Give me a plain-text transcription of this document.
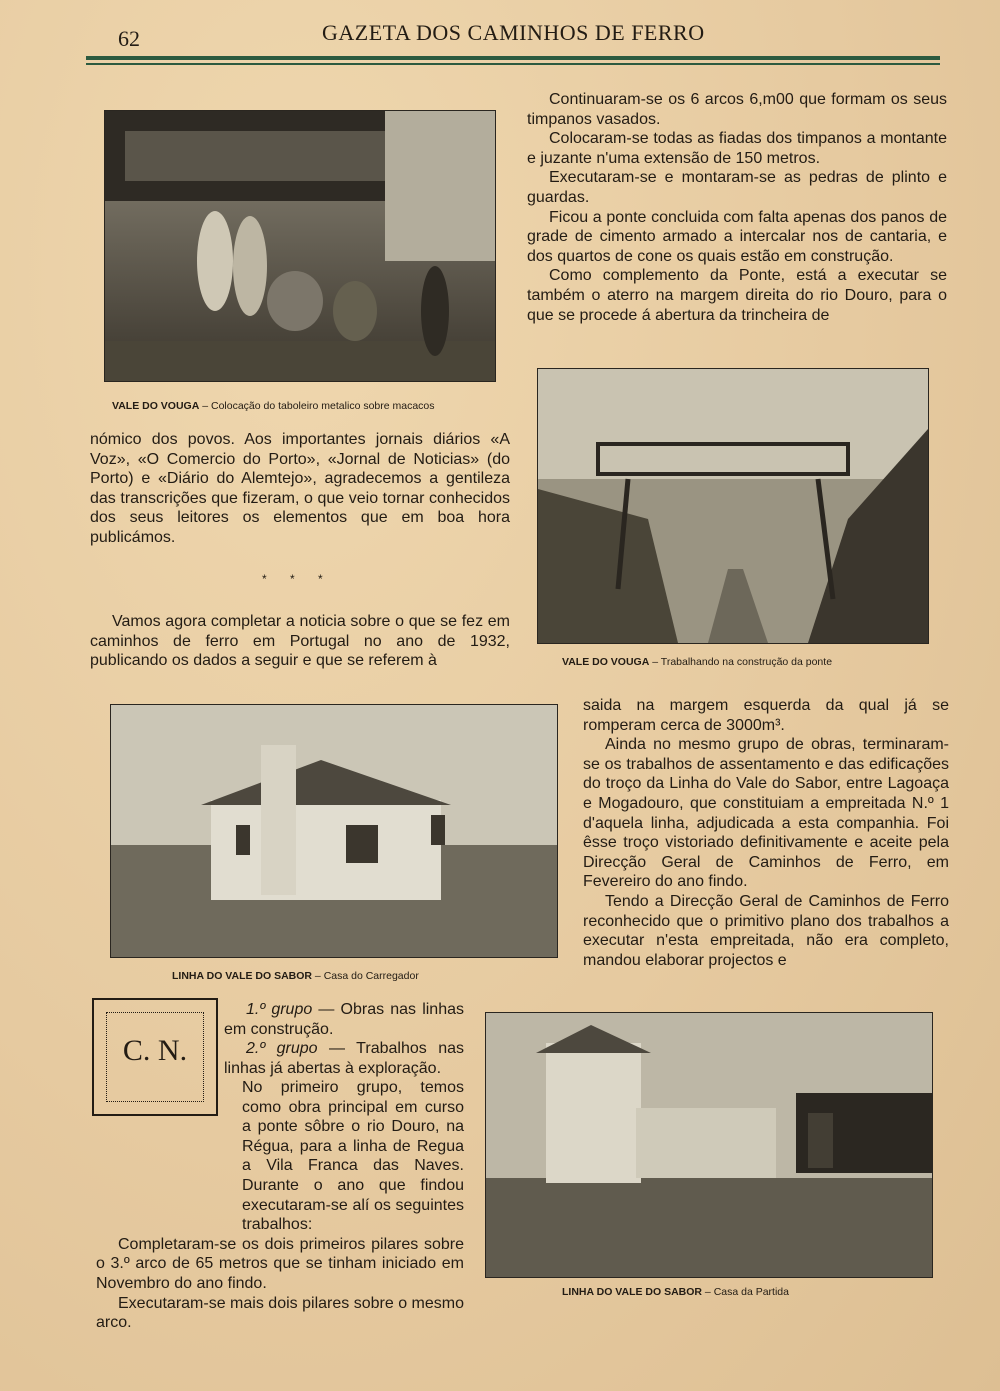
62	GAZETA DOS CAMINHOS DE FERRO
VALE DO VOUGA – Colocação do taboleiro metalico sobre macacos
VALE DO VOUGA – Trabalhando na construção da ponte
LINHA DO VALE DO SABOR – Casa do Carregador
LINHA DO VALE DO SABOR – Casa da Partida

Continuaram-se os 6 arcos 6,m00 que formam os seus timpanos vasados.

Colocaram-se todas as fiadas dos timpanos a montante e juzante n'uma extensão de 150 metros.

Executaram-se e montaram-se as pedras de plinto e guardas.

Ficou a ponte concluida com falta apenas dos panos de grade de cimento armado a intercalar nos de cantaria, e dos quartos de cone os quais estão em construção.

Como complemento da Ponte, está a executar se também o aterro na margem direita do rio Douro, para o que se procede á abertura da trincheira de

nómico dos povos. Aos importantes jornais diários «A Voz», «O Comercio do Porto», «Jornal de Noticias» (do Porto) e «Diário do Alemtejo», agradecemos a gentileza das transcrições que fizeram, o que veio tornar conhecidos dos seus leitores os elementos que em boa hora publicámos.

* * *

Vamos agora completar a noticia sobre o que se fez em caminhos de ferro em Portugal no ano de 1932, publicando os dados a seguir e que se referem à

saida na margem esquerda da qual já se romperam cerca de 3000m³.

Ainda no mesmo grupo de obras, terminaram-se os trabalhos de assentamento e das edificações do troço da Linha do Vale do Sabor, entre Lagoaça e Mogadouro, que constituiam a empreitada N.º 1 d'aquela linha, adjudicada a esta companhia. Foi êsse troço vistoriado definitivamente e aceite pela Direcção Geral de Caminhos de Ferro, em Fevereiro do ano findo.

Tendo a Direcção Geral de Caminhos de Ferro reconhecido que o primitivo plano dos trabalhos a executar n'esta empreitada, não era completo, mandou elaborar projectos e

C. N.

1.º grupo — Obras nas linhas em construção.

2.º grupo — Trabalhos nas linhas já abertas à exploração.

No primeiro grupo, temos como obra principal em curso a ponte sôbre o rio Douro, na Régua, para a linha de Regua a Vila Franca das Naves. Durante o ano que findou executaram-se alí os seguintes trabalhos:

Completaram-se os dois primeiros pilares sobre o 3.º arco de 65 metros que se tinham iniciado em Novembro do ano findo.

Executaram-se mais dois pilares sobre o mesmo arco.
